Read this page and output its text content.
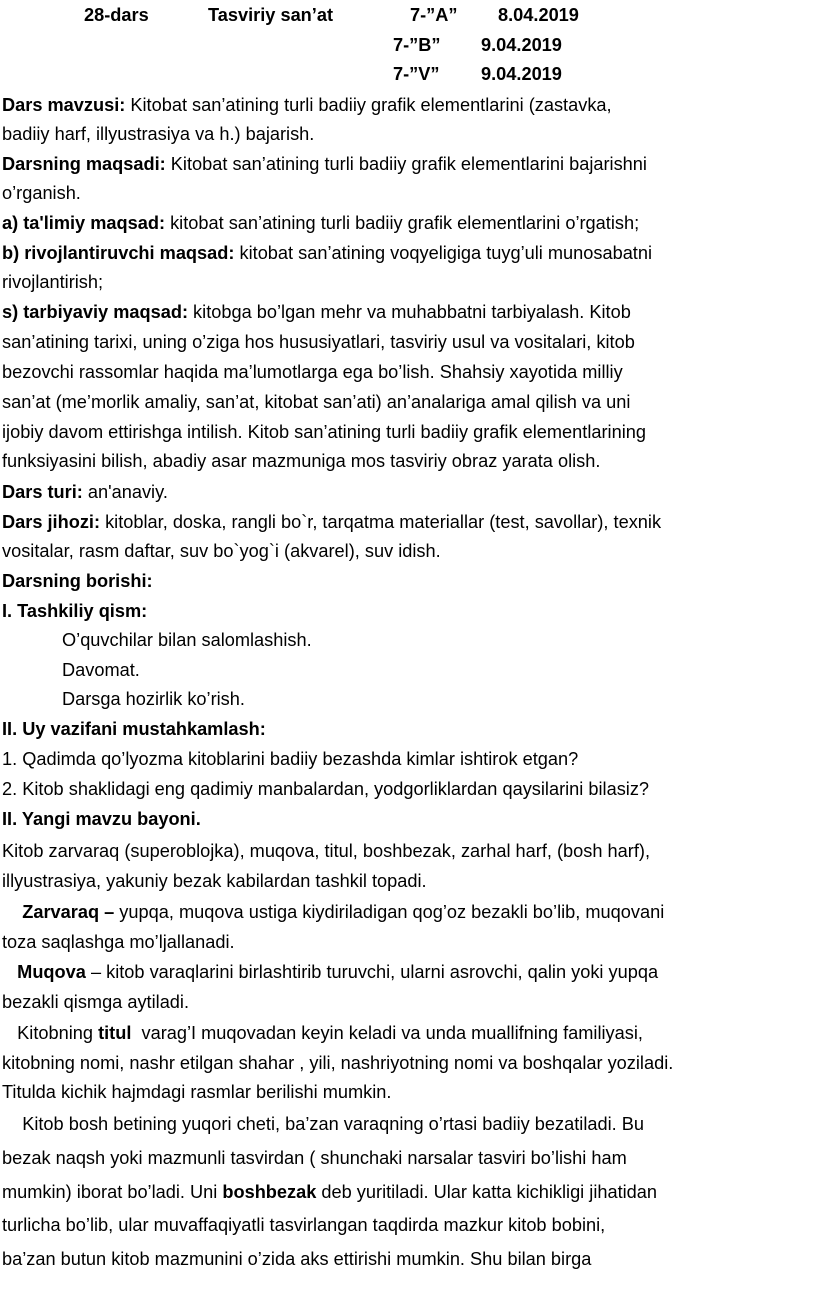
28-dars	Tasviriy san’at	7-”A” 8.04.2019
7-”B” 9.04.2019
7-”V” 9.04.2019
Dars mavzusi: Kitobat san’atining turli badiiy grafik elementlarini (zastavka,
badiiy harf, illyustrasiya va h.) bajarish.
Darsning maqsadi: Kitobat san’atining turli badiiy grafik elementlarini bajarishni
o’rganish.
a) ta'limiy maqsad: kitobat san’atining turli badiiy grafik elementlarini o’rgatish;
b) rivojlantiruvchi maqsad: kitobat san’atining voqyeligiga tuyg’uli munosabatni
rivojlantirish;
s) tarbiyaviy maqsad: kitobga bo’lgan mehr va muhabbatni tarbiyalash. Kitob
san’atining tarixi, uning o’ziga hos hususiyatlari, tasviriy usul va vositalari, kitob
bezovchi rassomlar haqida ma’lumotlarga ega bo’lish. Shahsiy xayotida milliy
san’at (me’morlik amaliy, san’at, kitobat san’ati) an’analariga amal qilish va uni
ijobiy davom ettirishga intilish. Kitob san’atining turli badiiy grafik elementlarining
funksiyasini bilish, abadiy asar mazmuniga mos tasviriy obraz yarata olish.
Dars turi: an'anaviy.
Dars jihozi: kitoblar, doska, rangli bo`r, tarqatma materiallar (test, savollar), texnik
vositalar, rasm daftar, suv bo`yog`i (akvarel), suv idish.
Darsning borishi:
I. Tashkiliy qism:
O’quvchilar bilan salomlashish.
Davomat.
Darsga hozirlik ko’rish.
II. Uy vazifani mustahkamlash:
1. Qadimda qo’lyozma kitoblarini badiiy bezashda kimlar ishtirok etgan?
2. Kitob shaklidagi eng qadimiy manbalardan, yodgorliklardan qaysilarini bilasiz?
II. Yangi mavzu bayoni.
Kitob zarvaraq (superoblojka), muqova, titul, boshbezak, zarhal harf, (bosh harf),
illyustrasiya, yakuniy bezak kabilardan tashkil topadi.
Zarvaraq – yupqa, muqova ustiga kiydiriladigan qog’oz bezakli bo’lib, muqovani
toza saqlashga mo’ljallanadi.
Muqova – kitob varaqlarini birlashtirib turuvchi, ularni asrovchi, qalin yoki yupqa
bezakli qismga aytiladi.
Kitobning titul  varag’I muqovadan keyin keladi va unda muallifning familiyasi,
kitobning nomi, nashr etilgan shahar , yili, nashriyotning nomi va boshqalar yoziladi.
Titulda kichik hajmdagi rasmlar berilishi mumkin.
Kitob bosh betining yuqori cheti, ba’zan varaqning o’rtasi badiiy bezatiladi. Bu
bezak naqsh yoki mazmunli tasvirdan ( shunchaki narsalar tasviri bo’lishi ham
mumkin) iborat bo’ladi. Uni boshbezak deb yuritiladi. Ular katta kichikligi jihatidan
turlicha bo’lib, ular muvaffaqiyatli tasvirlangan taqdirda mazkur kitob bobini,
ba’zan butun kitob mazmunini o’zida aks ettirishi mumkin. Shu bilan birga
